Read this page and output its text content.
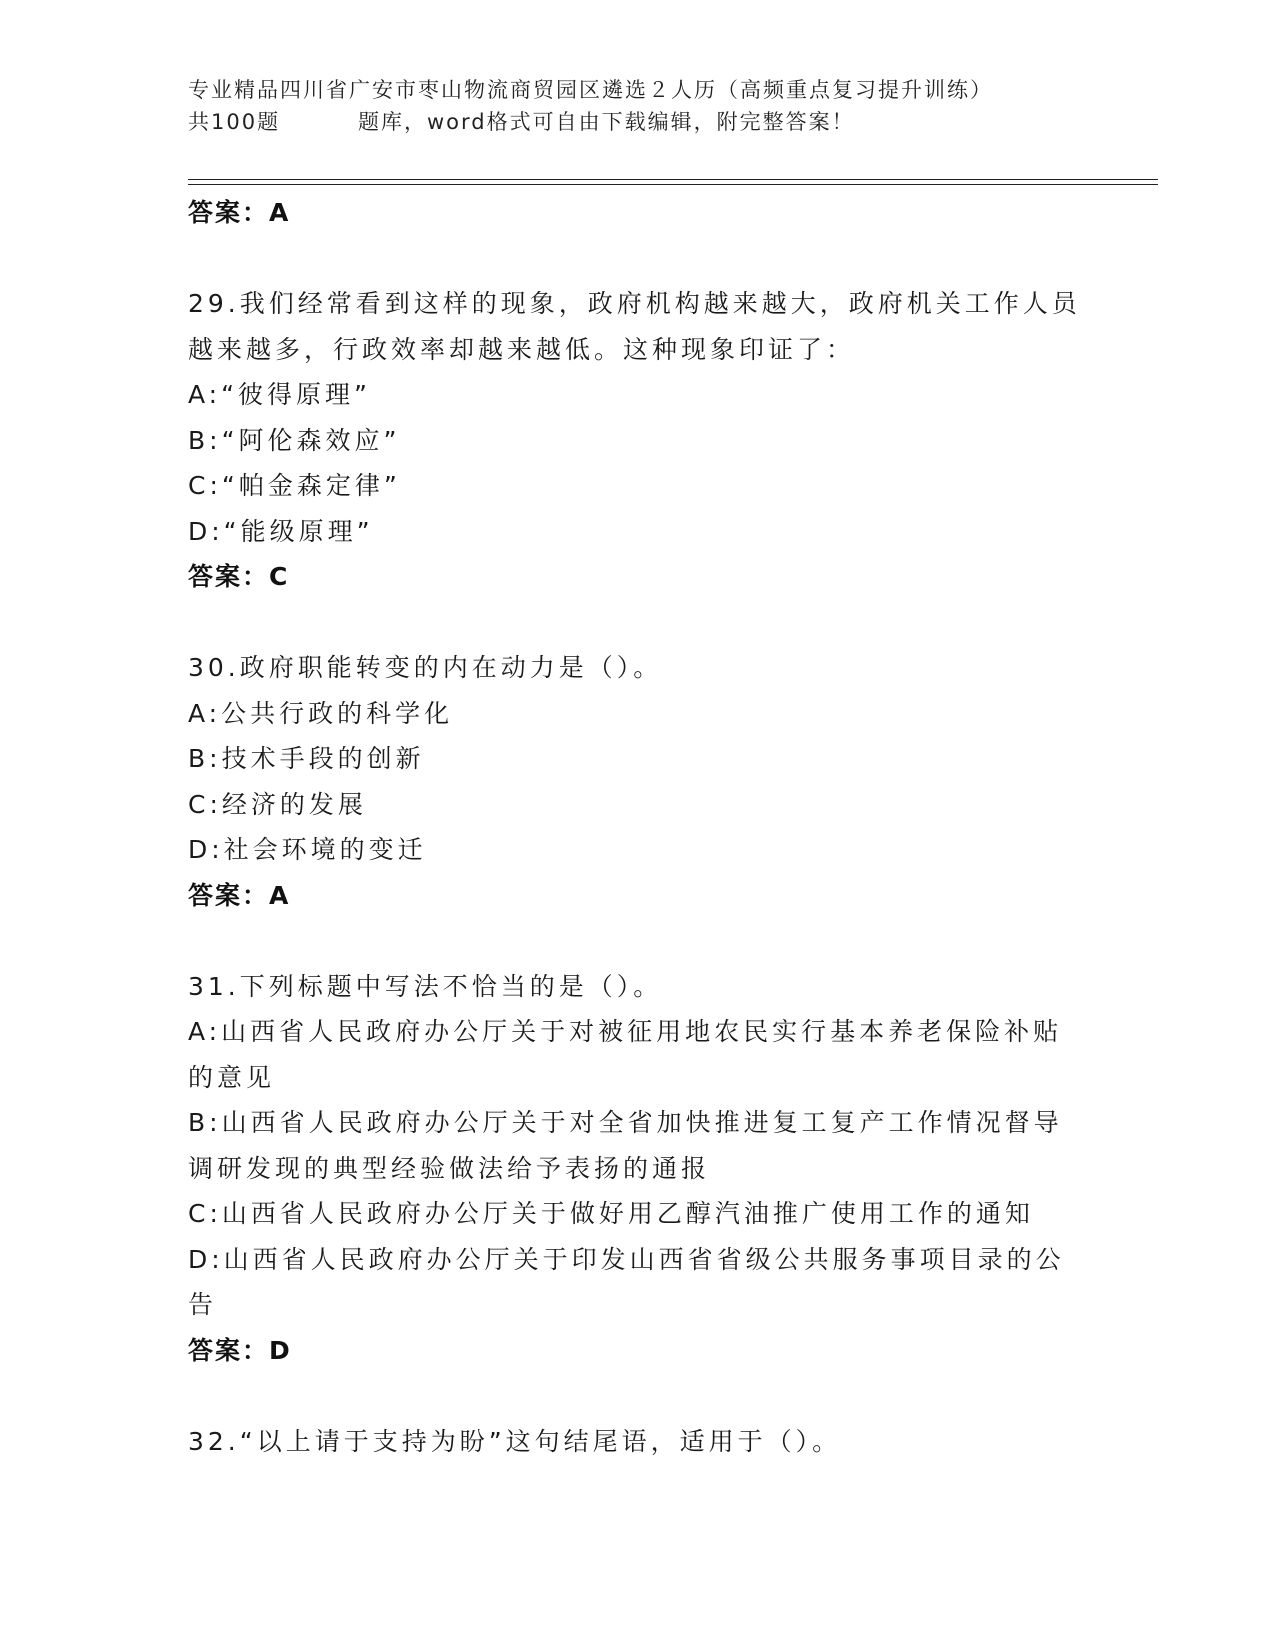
专业精品四川省广安市枣山物流商贸园区遴选２人历（高频重点复习提升训练）
共100题	题库，word格式可自由下载编辑，附完整答案！
答案：A
29.我们经常看到这样的现象，政府机构越来越大，政府机关工作人员
越来越多，行政效率却越来越低。这种现象印证了：
A:“彼得原理”
B:“阿伦森效应”
C:“帕金森定律”
D:“能级原理”
答案：C
30.政府职能转变的内在动力是（）。
A:公共行政的科学化
B:技术手段的创新
C:经济的发展
D:社会环境的变迁
答案：A
31.下列标题中写法不恰当的是（）。
A:山西省人民政府办公厅关于对被征用地农民实行基本养老保险补贴
的意见
B:山西省人民政府办公厅关于对全省加快推进复工复产工作情况督导
调研发现的典型经验做法给予表扬的通报
C:山西省人民政府办公厅关于做好用乙醇汽油推广使用工作的通知
D:山西省人民政府办公厅关于印发山西省省级公共服务事项目录的公
告
答案：D
32.“以上请于支持为盼”这句结尾语，适用于（）。
